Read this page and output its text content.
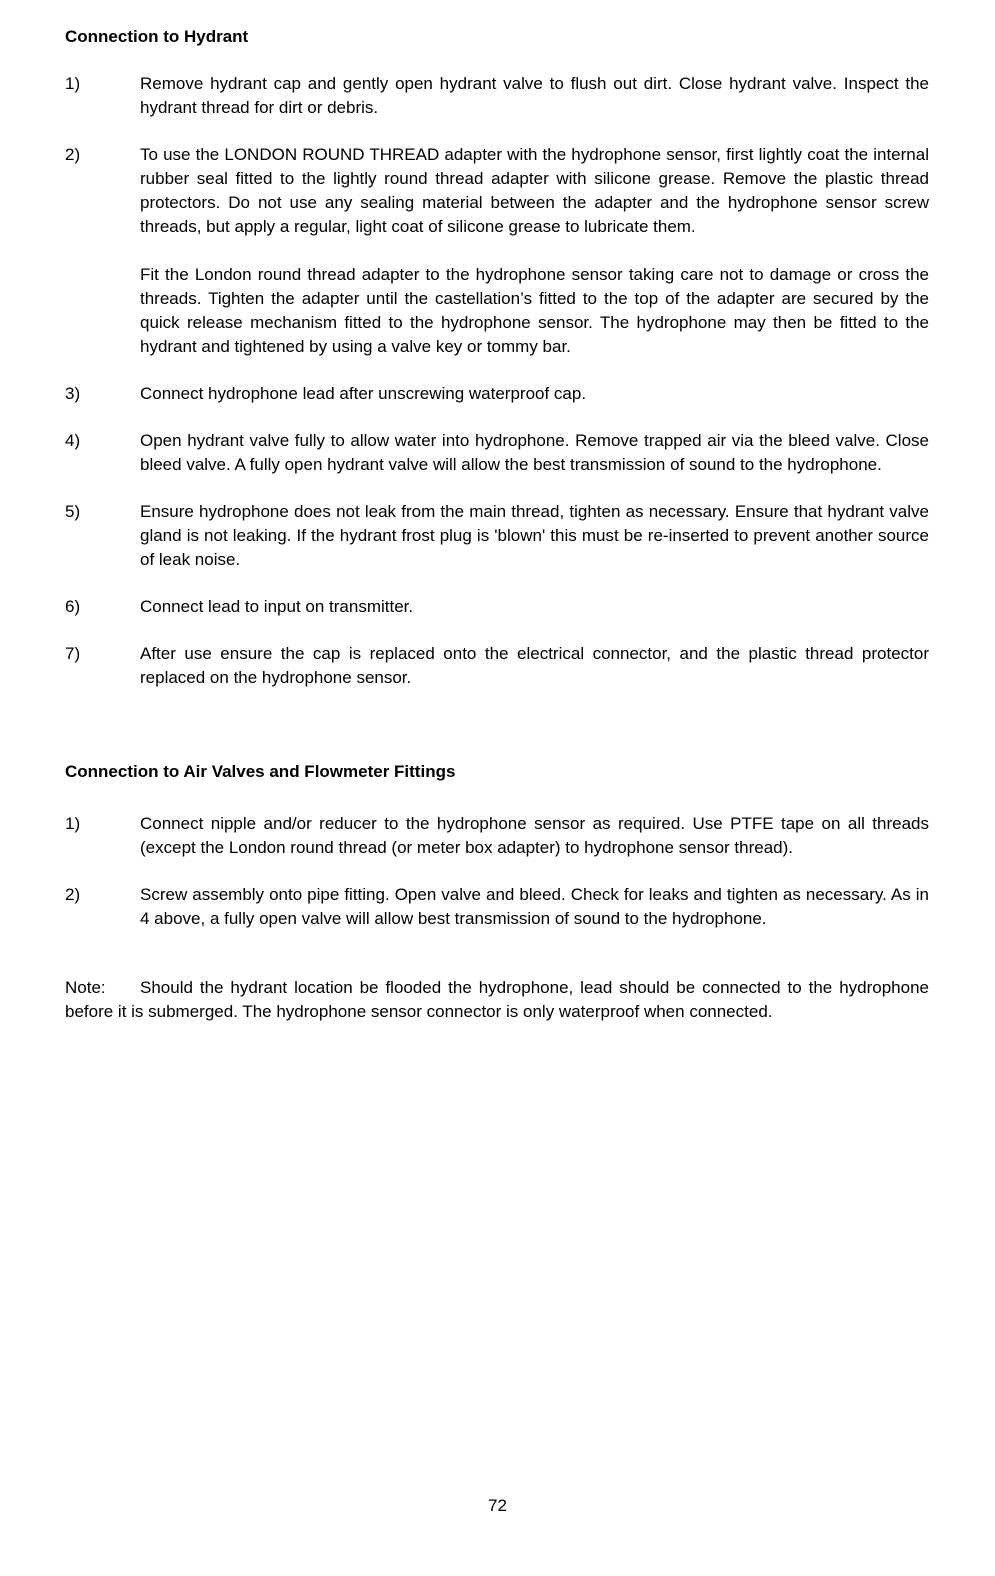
Connection to Hydrant
1)	Remove hydrant cap and gently open hydrant valve to flush out dirt. Close hydrant valve. Inspect the hydrant thread for dirt or debris.

2)	To use the LONDON ROUND THREAD adapter with the hydrophone sensor, first lightly coat the internal rubber seal fitted to the lightly round thread adapter with silicone grease. Remove the plastic thread protectors. Do not use any sealing material between the adapter and the hydrophone sensor screw threads, but apply a regular, light coat of silicone grease to lubricate them.

Fit the London round thread adapter to the hydrophone sensor taking care not to damage or cross the threads. Tighten the adapter until the castellation’s fitted to the top of the adapter are secured by the quick release mechanism fitted to the hydrophone sensor. The hydrophone may then be fitted to the hydrant and tightened by using a valve key or tommy bar.

3)	Connect hydrophone lead after unscrewing waterproof cap.

4)	Open hydrant valve fully to allow water into hydrophone. Remove trapped air via the bleed valve. Close bleed valve. A fully open hydrant valve will allow the best transmission of sound to the hydrophone.

5)	Ensure hydrophone does not leak from the main thread, tighten as necessary. Ensure that hydrant valve gland is not leaking. If the hydrant frost plug is 'blown' this must be re-inserted to prevent another source of leak noise.

6)	Connect lead to input on transmitter.

7)	After use ensure the cap is replaced onto the electrical connector, and the plastic thread protector replaced on the hydrophone sensor.

Connection to Air Valves and Flowmeter Fittings
1)	Connect nipple and/or reducer to the hydrophone sensor as required. Use PTFE tape on all threads (except the London round thread (or meter box adapter) to hydrophone sensor thread).

2)	Screw assembly onto pipe fitting. Open valve and bleed. Check for leaks and tighten as necessary. As in 4 above, a fully open valve will allow best transmission of sound to the hydrophone.

Note: Should the hydrant location be flooded the hydrophone, lead should be connected to the hydrophone before it is submerged. The hydrophone sensor connector is only waterproof when connected.

72
